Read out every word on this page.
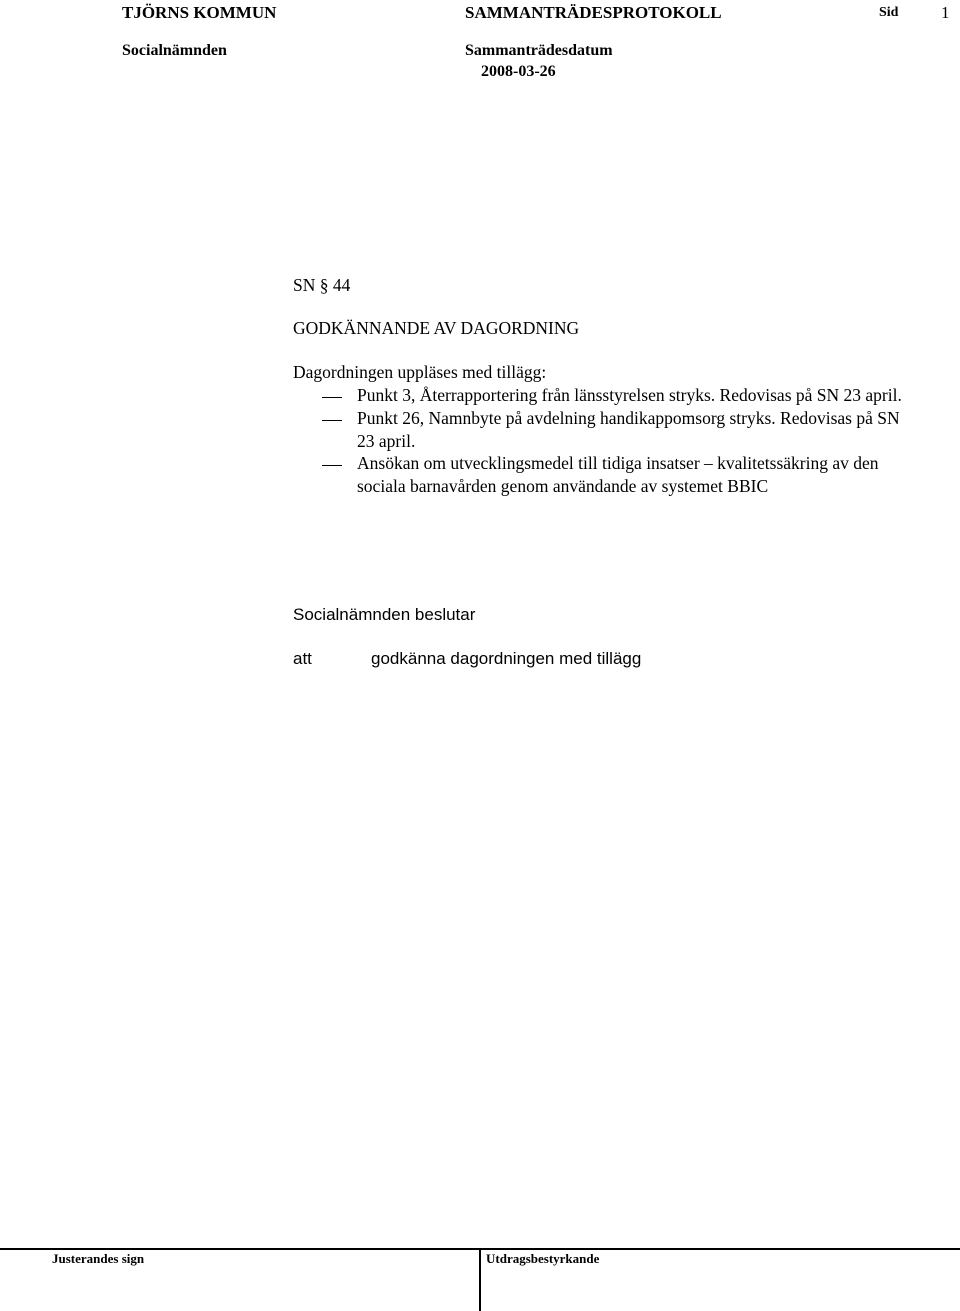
TJÖRNS KOMMUN	SAMMANTRÄDESPROTOKOLL	Sid	1
Socialnämnden	Sammanträdesdatum
2008-03-26
SN § 44
GODKÄNNANDE AV DAGORDNING
Dagordningen uppläses med tillägg:
Punkt 3, Återrapportering från länsstyrelsen stryks. Redovisas på SN 23 april.
Punkt 26, Namnbyte på avdelning handikappomsorg stryks. Redovisas på SN
23 april.
Ansökan om utvecklingsmedel till tidiga insatser – kvalitetssäkring av den
sociala barnavården genom användande av systemet BBIC
Socialnämnden beslutar
att	godkänna dagordningen med tillägg
Justerandes sign	Utdragsbestyrkande
